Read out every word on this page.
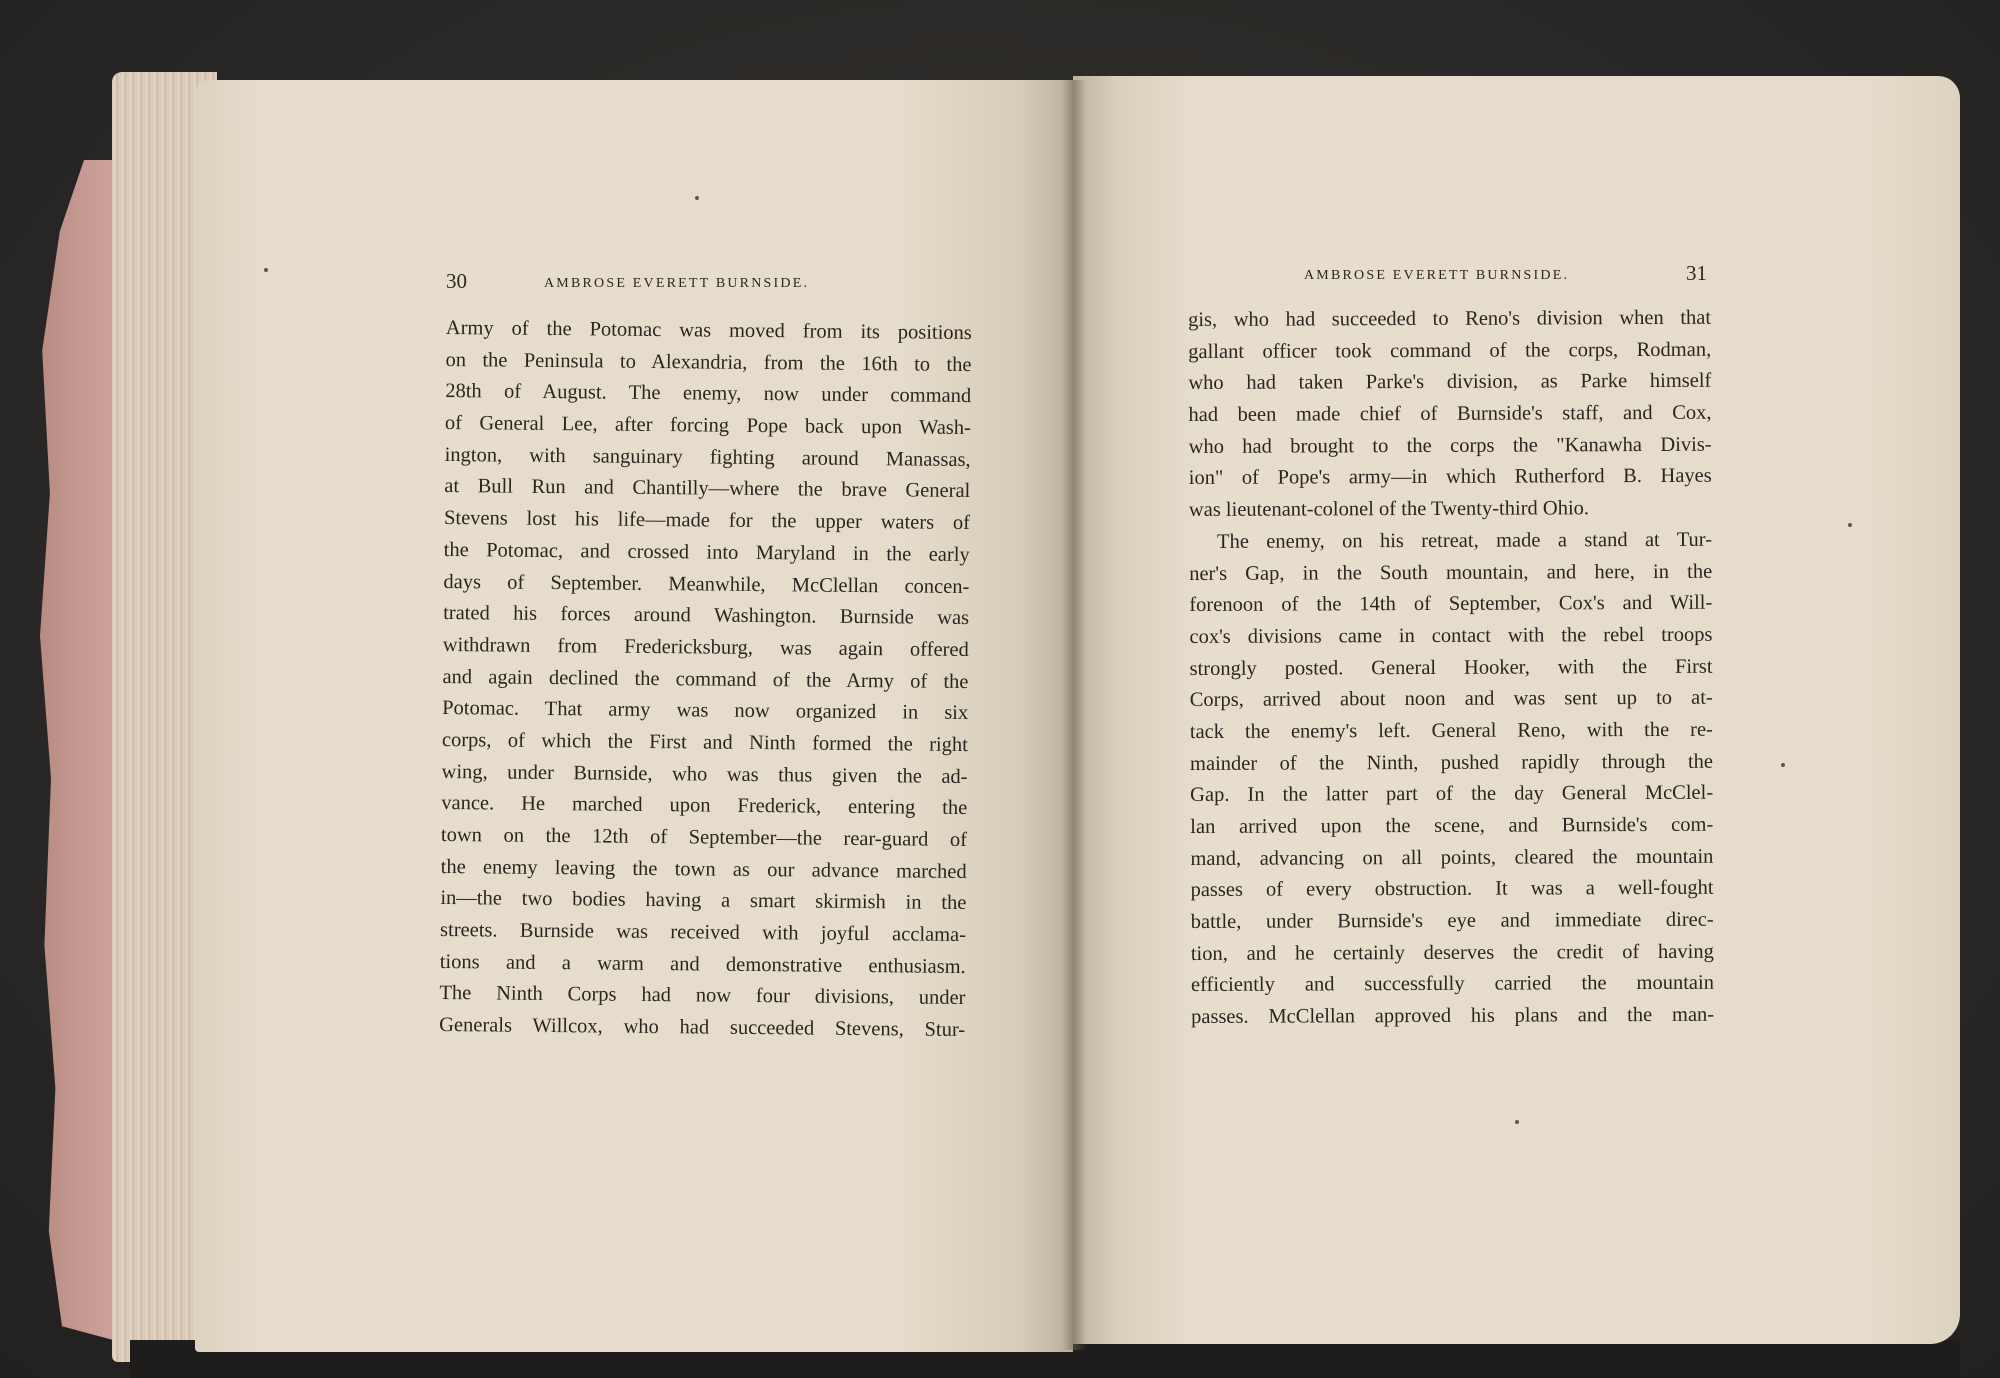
30	AMBROSE EVERETT BURNSIDE.
AMBROSE EVERETT BURNSIDE.	31
Army of the Potomac was moved from its positions
on the Peninsula to Alexandria, from the 16th to the
28th of August. The enemy, now under command
of General Lee, after forcing Pope back upon Wash-
ington, with sanguinary fighting around Manassas,
at Bull Run and Chantilly—where the brave General
Stevens lost his life—made for the upper waters of
the Potomac, and crossed into Maryland in the early
days of September. Meanwhile, McClellan concen-
trated his forces around Washington. Burnside was
withdrawn from Fredericksburg, was again offered
and again declined the command of the Army of the
Potomac. That army was now organized in six
corps, of which the First and Ninth formed the right
wing, under Burnside, who was thus given the ad-
vance. He marched upon Frederick, entering the
town on the 12th of September—the rear-guard of
the enemy leaving the town as our advance marched
in—the two bodies having a smart skirmish in the
streets. Burnside was received with joyful acclama-
tions and a warm and demonstrative enthusiasm.
The Ninth Corps had now four divisions, under
Generals Willcox, who had succeeded Stevens, Stur-
gis, who had succeeded to Reno's division when that
gallant officer took command of the corps, Rodman,
who had taken Parke's division, as Parke himself
had been made chief of Burnside's staff, and Cox,
who had brought to the corps the "Kanawha Divis-
ion" of Pope's army—in which Rutherford B. Hayes
was lieutenant-colonel of the Twenty-third Ohio.
The enemy, on his retreat, made a stand at Tur-
ner's Gap, in the South mountain, and here, in the
forenoon of the 14th of September, Cox's and Will-
cox's divisions came in contact with the rebel troops
strongly posted. General Hooker, with the First
Corps, arrived about noon and was sent up to at-
tack the enemy's left. General Reno, with the re-
mainder of the Ninth, pushed rapidly through the
Gap. In the latter part of the day General McClel-
lan arrived upon the scene, and Burnside's com-
mand, advancing on all points, cleared the mountain
passes of every obstruction. It was a well-fought
battle, under Burnside's eye and immediate direc-
tion, and he certainly deserves the credit of having
efficiently and successfully carried the mountain
passes. McClellan approved his plans and the man-
